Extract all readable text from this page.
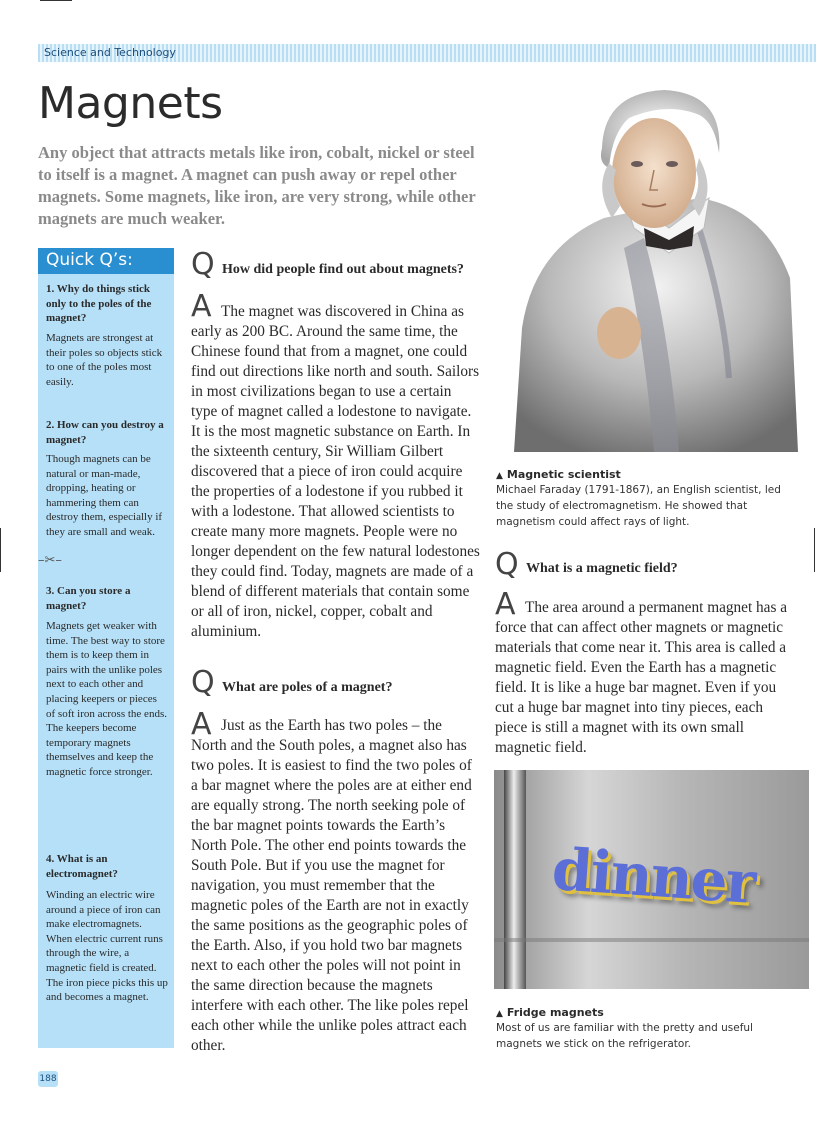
Science and Technology
Magnets

Any object that attracts metals like iron, cobalt, nickel or steel to itself is a magnet. A magnet can push away or repel other magnets. Some magnets, like iron, are very strong, while other magnets are much weaker.

Quick Q’s:

1. Why do things stick only to the poles of the magnet?

Magnets are strongest at their poles so objects stick to one of the poles most easily.

2. How can you destroy a magnet?

Though magnets can be natural or man-made, dropping, heating or hammering them can destroy them, especially if they are small and weak.

–✂–

3. Can you store a magnet?

Magnets get weaker with time. The best way to store them is to keep them in pairs with the unlike poles next to each other and placing keepers or pieces of soft iron across the ends. The keepers become temporary magnets themselves and keep the magnetic force stronger.

4. What is an electromagnet?

Winding an electric wire around a piece of iron can make electromagnets. When electric current runs through the wire, a magnetic field is created. The iron piece picks this up and becomes a magnet.

Q How did people find out about magnets?
A The magnet was discovered in China as early as 200 BC. Around the same time, the Chinese found that from a magnet, one could find out directions like north and south. Sailors in most civilizations began to use a certain type of magnet called a lodestone to navigate. It is the most magnetic substance on Earth. In the sixteenth century, Sir William Gilbert discovered that a piece of iron could acquire the properties of a lodestone if you rubbed it with a lodestone. That allowed scientists to create many more magnets. People were no longer dependent on the few natural lodestones they could find. Today, magnets are made of a blend of different materials that contain some or all of iron, nickel, copper, cobalt and aluminium.

Q What are poles of a magnet?
A Just as the Earth has two poles – the North and the South poles, a magnet also has two poles. It is easiest to find the two poles of a bar magnet where the poles are at either end are equally strong. The north seeking pole of the bar magnet points towards the Earth’s North Pole. The other end points towards the South Pole. But if you use the magnet for navigation, you must remember that the magnetic poles of the Earth are not in exactly the same positions as the geographic poles of the Earth. Also, if you hold two bar magnets next to each other the poles will not point in the same direction because the magnets interfere with each other. The like poles repel each other while the unlike poles attract each other.

▲ Magnetic scientist

Michael Faraday (1791-1867), an English scientist, led the study of electromagnetism. He showed that magnetism could affect rays of light.

Q What is a magnetic field?
A The area around a permanent magnet has a force that can affect other magnets or magnetic materials that come near it. This area is called a magnetic field. Even the Earth has a magnetic field. It is like a huge bar magnet. Even if you cut a huge bar magnet into tiny pieces, each piece is still a magnet with its own small magnetic field.

dinner

▲ Fridge magnets

Most of us are familiar with the pretty and useful magnets we stick on the refrigerator.

188
